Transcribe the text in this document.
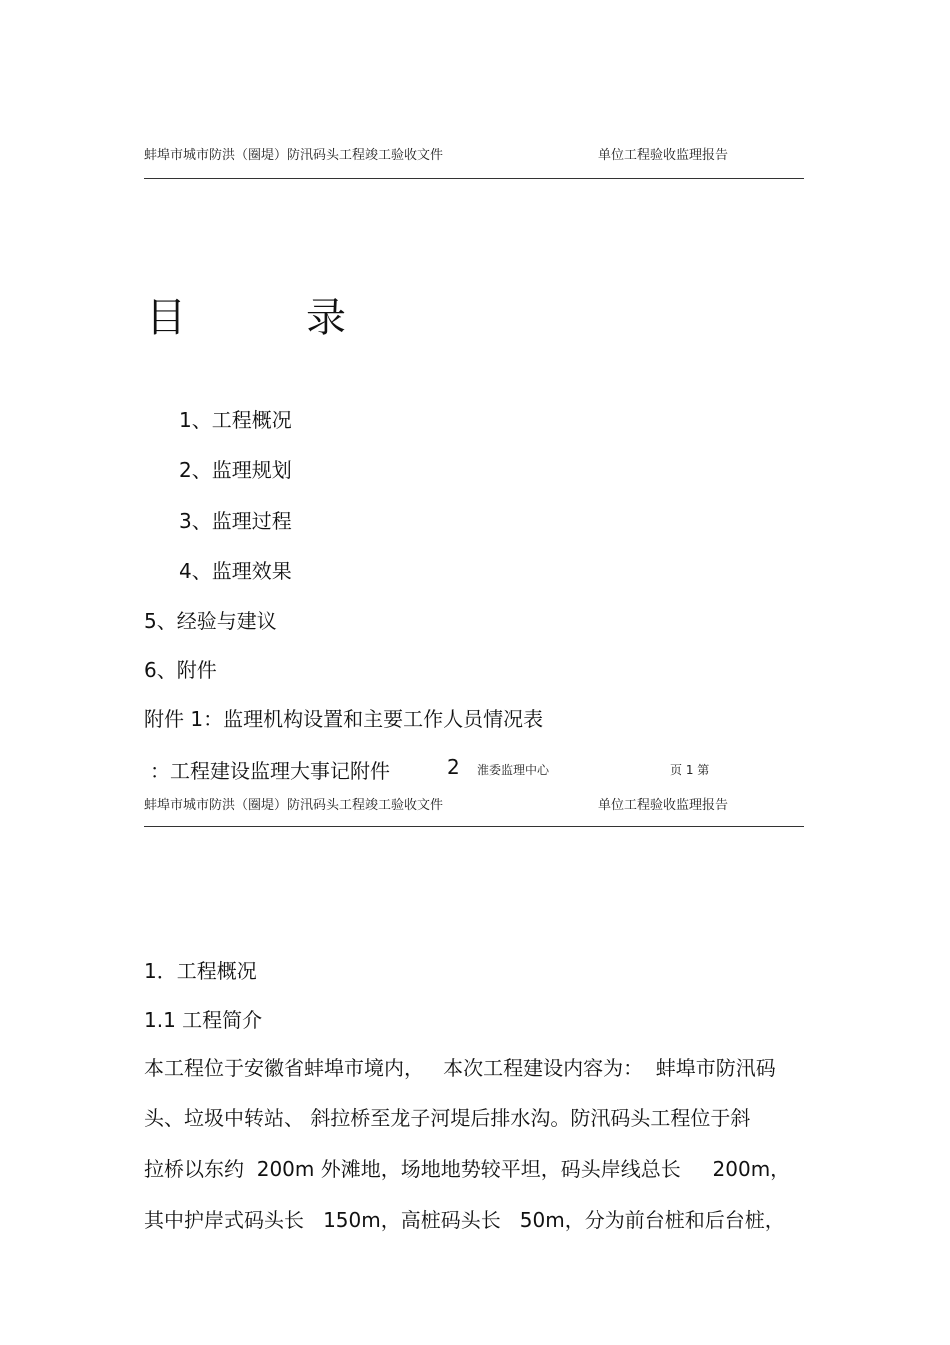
蚌埠市城市防洪（圈堤）防汛码头工程竣工验收文件	单位工程验收监理报告
目	录
1、工程概况
2、监理规划
3、监理过程
4、监理效果
5、经验与建议
6、附件
附件 1：监理机构设置和主要工作人员情况表
：工程建设监理大事记附件	2 淮委监理中心	页 1 第
蚌埠市城市防洪（圈堤）防汛码头工程竣工验收文件	单位工程验收监理报告
1．工程概况
1.1 工程简介
本工程位于安徽省蚌埠市境内，   本次工程建设内容为：  蚌埠市防汛码
头、垃圾中转站、 斜拉桥至龙子河堤后排水沟。防汛码头工程位于斜
拉桥以东约  200m 外滩地，场地地势较平坦，码头岸线总长     200m，
其中护岸式码头长   150m，高桩码头长   50m，分为前台桩和后台桩，
